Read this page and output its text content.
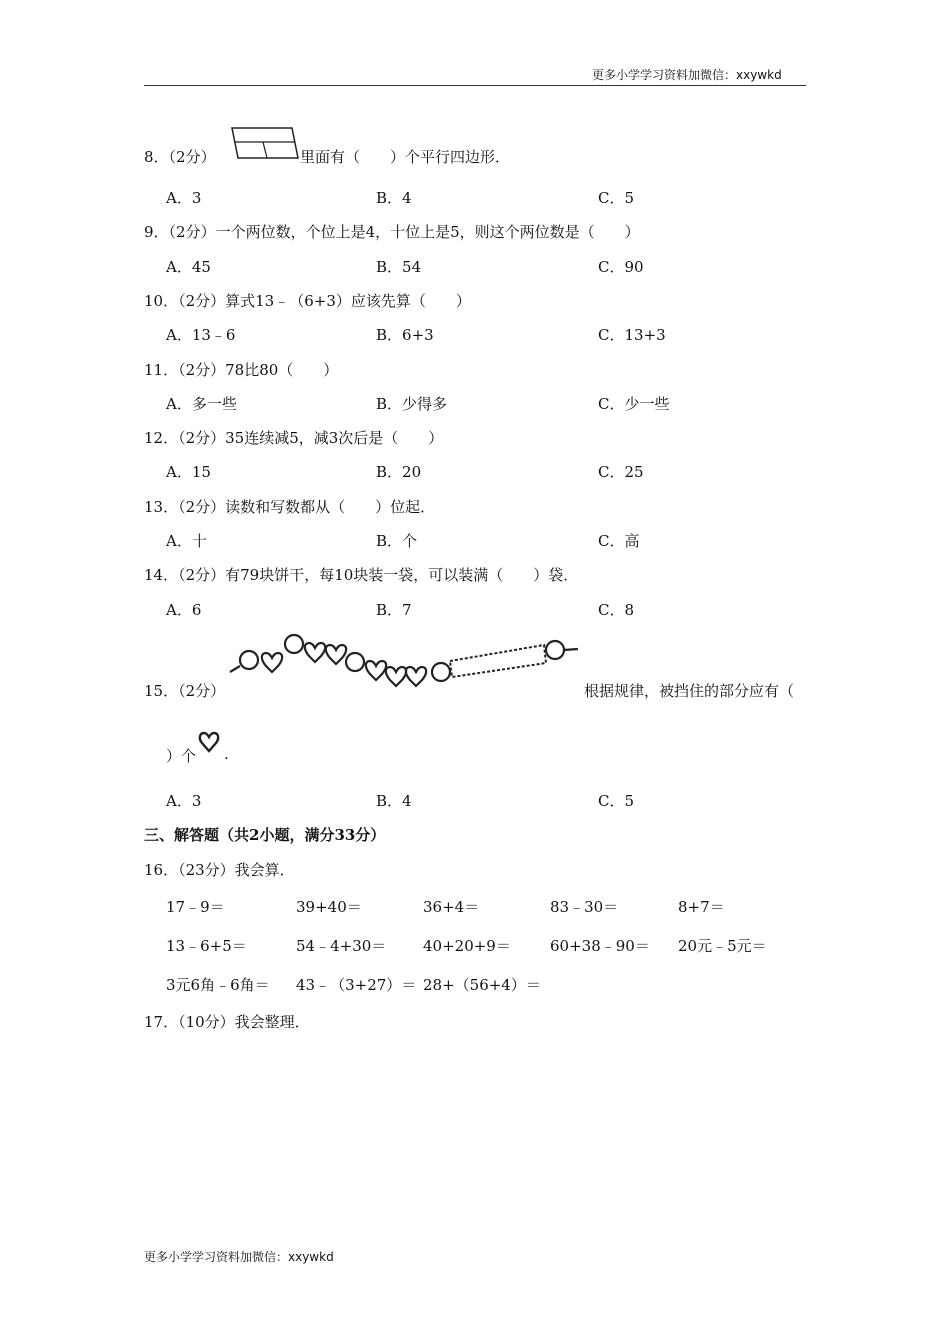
更多小学学习资料加微信：xxywkd
8．（2分）	里面有（　　）个平行四边形．
A．3	B．4	C．5
9．（2分）一个两位数，个位上是4，十位上是5，则这个两位数是（　　）
A．45	B．54	C．90
10．（2分）算式13﹣（6+3）应该先算（　　）
A．13﹣6	B．6+3	C．13+3
11．（2分）78比80（　　）
A．多一些	B．少得多	C．少一些
12．（2分）35连续减5，减3次后是（　　）
A．15	B．20	C．25
13．（2分）读数和写数都从（　　）位起．
A．十	B．个	C．高
14．（2分）有79块饼干，每10块装一袋，可以装满（　　）袋．
A．6	B．7	C．8
15．（2分）	根据规律，被挡住的部分应有（
）个 .
A．3	B．4	C．5
三、解答题（共2小题，满分33分）
16．（23分）我会算．
17﹣9＝	39+40＝	36+4＝	83﹣30＝	8+7＝
13﹣6+5＝	54﹣4+30＝ 40+20+9＝	60+38﹣90＝ 20元﹣5元＝
3元6角﹣6角＝ 43﹣（3+27）＝ 28+（56+4）＝
17．（10分）我会整理．
更多小学学习资料加微信：xxywkd
